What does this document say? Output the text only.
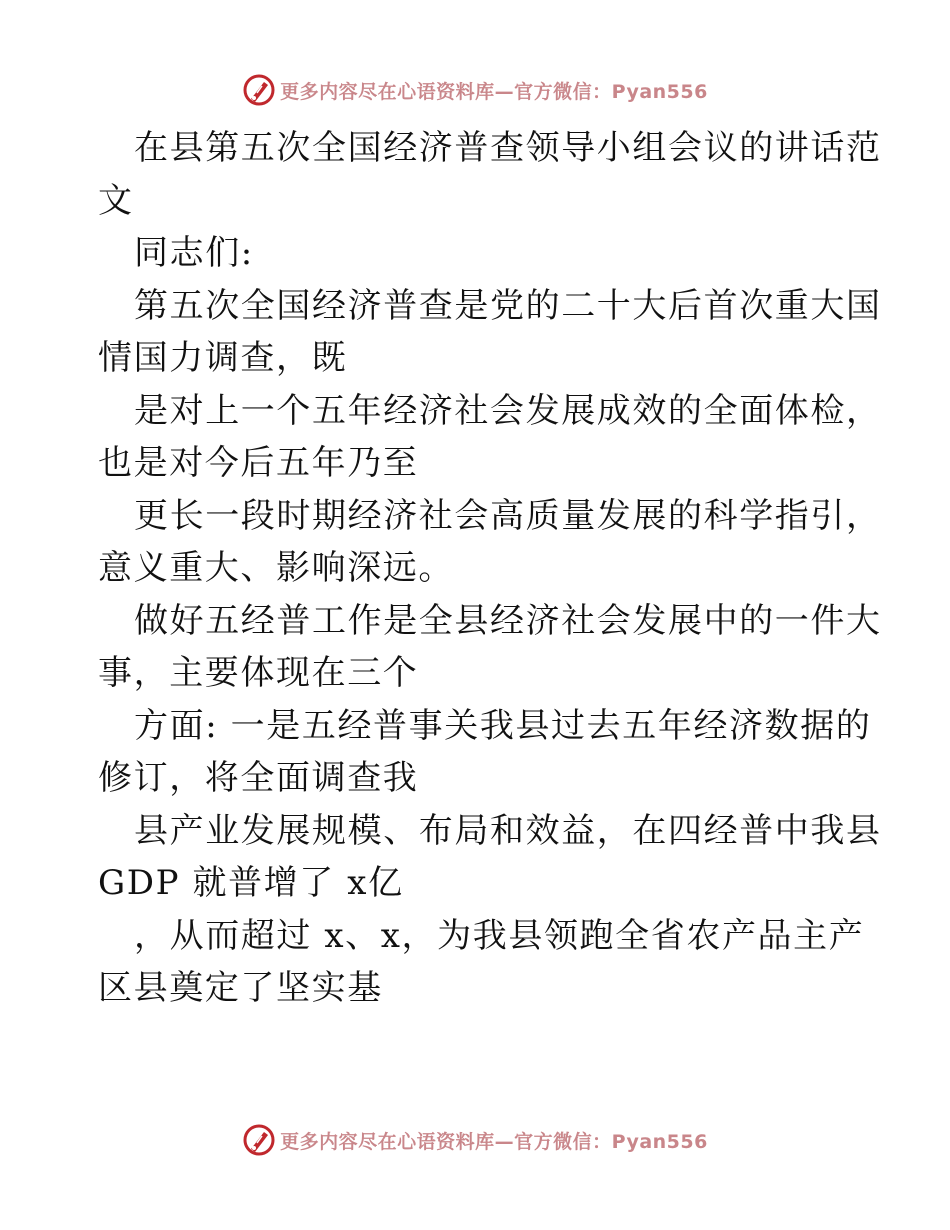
更多内容尽在心语资料库—官方微信：Pyan556
在县第五次全国经济普查领导小组会议的讲话范
文
同志们:
第五次全国经济普查是党的二十大后首次重大国
情国力调查，既
是对上一个五年经济社会发展成效的全面体检，
也是对今后五年乃至
更长一段时期经济社会高质量发展的科学指引，
意义重大、影响深远。
做好五经普工作是全县经济社会发展中的一件大
事，主要体现在三个
方面: 一是五经普事关我县过去五年经济数据的
修订，将全面调查我
县产业发展规模、布局和效益，在四经普中我县
GDP 就普增了 x亿
，从而超过 x、x，为我县领跑全省农产品主产
区县奠定了坚实基
更多内容尽在心语资料库—官方微信：Pyan556
